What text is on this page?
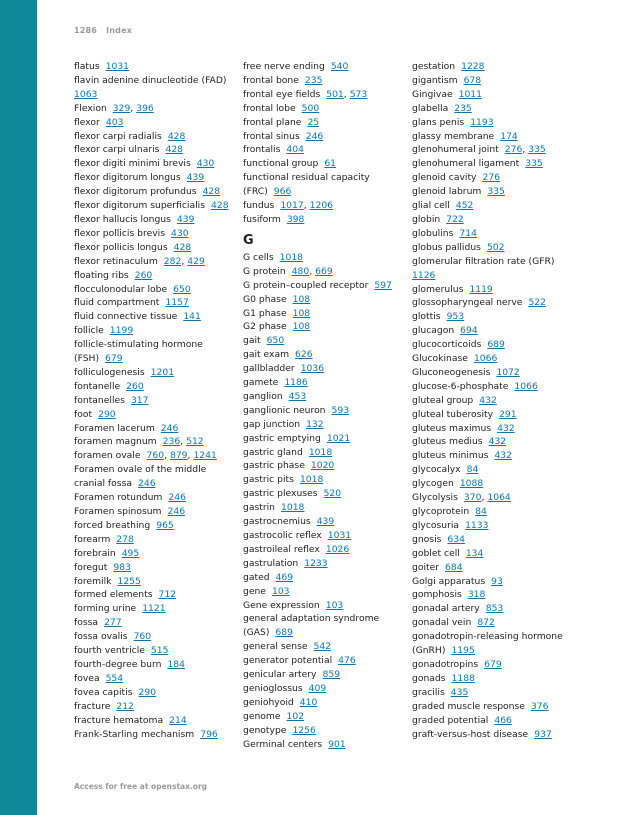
1286 Index
flatus 1031
flavin adenine dinucleotide (FAD)
1063
Flexion 329, 396
flexor 403
flexor carpi radialis 428
flexor carpi ulnaris 428
flexor digiti minimi brevis 430
flexor digitorum longus 439
flexor digitorum profundus 428
flexor digitorum superficialis 428
flexor hallucis longus 439
flexor pollicis brevis 430
flexor pollicis longus 428
flexor retinaculum 282, 429
floating ribs 260
flocculonodular lobe 650
fluid compartment 1157
fluid connective tissue 141
follicle 1199
follicle-stimulating hormone
(FSH) 679
folliculogenesis 1201
fontanelle 260
fontanelles 317
foot 290
Foramen lacerum 246
foramen magnum 236, 512
foramen ovale 760, 879, 1241
Foramen ovale of the middle
cranial fossa 246
Foramen rotundum 246
Foramen spinosum 246
forced breathing 965
forearm 278
forebrain 495
foregut 983
foremilk 1255
formed elements 712
forming urine 1121
fossa 277
fossa ovalis 760
fourth ventricle 515
fourth-degree burn 184
fovea 554
fovea capitis 290
fracture 212
fracture hematoma 214
Frank-Starling mechanism 796
free nerve ending 540
frontal bone 235
frontal eye fields 501, 573
frontal lobe 500
frontal plane 25
frontal sinus 246
frontalis 404
functional group 61
functional residual capacity
(FRC) 966
fundus 1017, 1206
fusiform 398
G
G cells 1018
G protein 480, 669
G protein–coupled receptor 597
G0 phase 108
G1 phase 108
G2 phase 108
gait 650
gait exam 626
gallbladder 1036
gamete 1186
ganglion 453
ganglionic neuron 593
gap junction 132
gastric emptying 1021
gastric gland 1018
gastric phase 1020
gastric pits 1018
gastric plexuses 520
gastrin 1018
gastrocnemius 439
gastrocolic reflex 1031
gastroileal reflex 1026
gastrulation 1233
gated 469
gene 103
Gene expression 103
general adaptation syndrome
(GAS) 689
general sense 542
generator potential 476
genicular artery 859
genioglossus 409
geniohyoid 410
genome 102
genotype 1256
Germinal centers 901
gestation 1228
gigantism 678
Gingivae 1011
glabella 235
glans penis 1193
glassy membrane 174
glenohumeral joint 276, 335
glenohumeral ligament 335
glenoid cavity 276
glenoid labrum 335
glial cell 452
globin 722
globulins 714
globus pallidus 502
glomerular filtration rate (GFR)
1126
glomerulus 1119
glossopharyngeal nerve 522
glottis 953
glucagon 694
glucocorticoids 689
Glucokinase 1066
Gluconeogenesis 1072
glucose-6-phosphate 1066
gluteal group 432
gluteal tuberosity 291
gluteus maximus 432
gluteus medius 432
gluteus minimus 432
glycocalyx 84
glycogen 1088
Glycolysis 370, 1064
glycoprotein 84
glycosuria 1133
gnosis 634
goblet cell 134
goiter 684
Golgi apparatus 93
gomphosis 318
gonadal artery 853
gonadal vein 872
gonadotropin-releasing hormone
(GnRH) 1195
gonadotropins 679
gonads 1188
gracilis 435
graded muscle response 376
graded potential 466
graft-versus-host disease 937
Access for free at openstax.org
